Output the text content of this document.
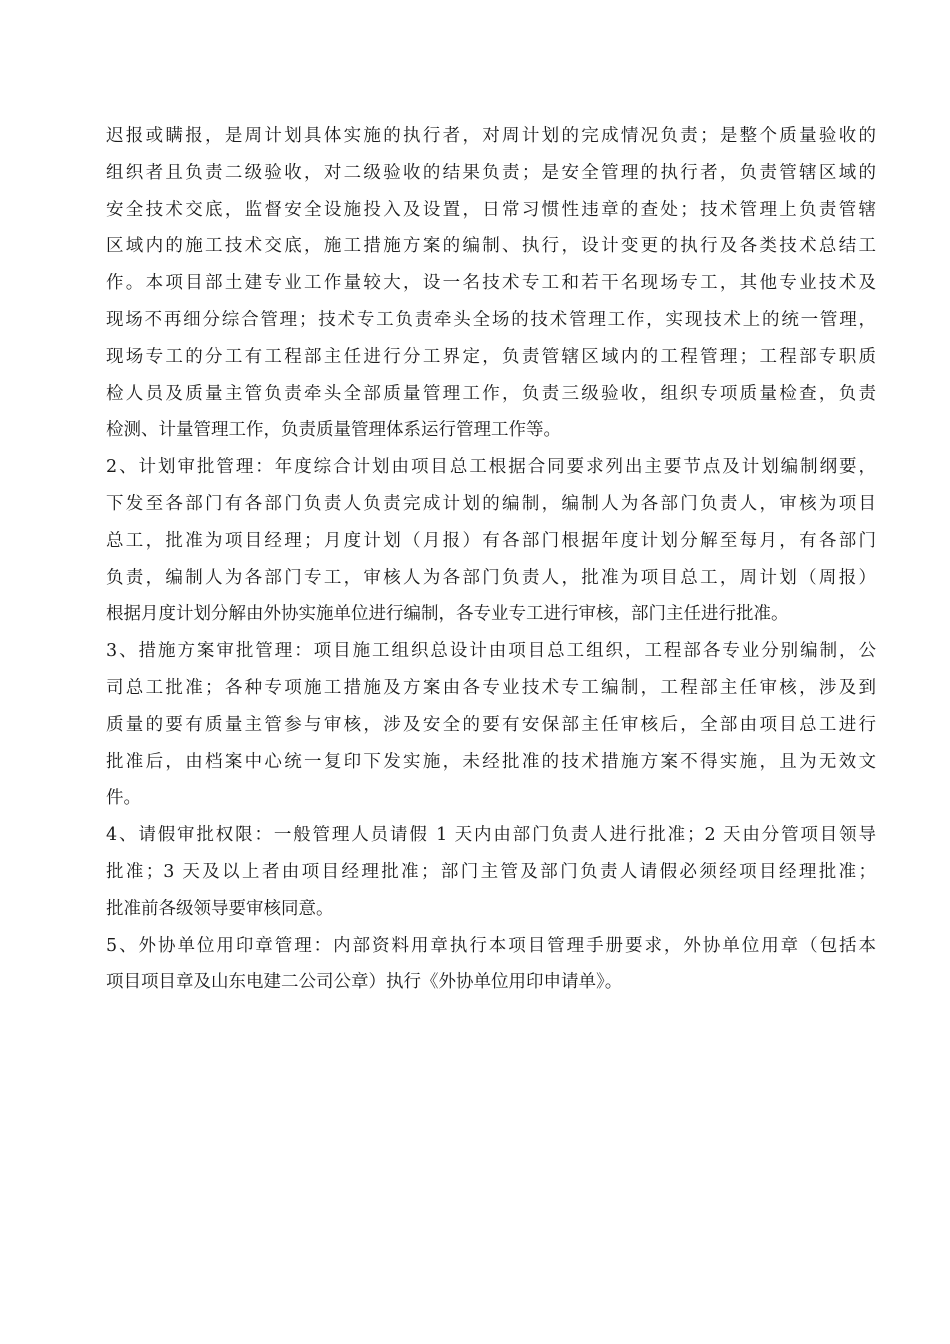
迟报或瞒报，是周计划具体实施的执行者，对周计划的完成情况负责；是整个质量验收的
组织者且负责二级验收，对二级验收的结果负责；是安全管理的执行者，负责管辖区域的
安全技术交底，监督安全设施投入及设置，日常习惯性违章的查处；技术管理上负责管辖
区域内的施工技术交底，施工措施方案的编制、执行，设计变更的执行及各类技术总结工
作。本项目部土建专业工作量较大，设一名技术专工和若干名现场专工，其他专业技术及
现场不再细分综合管理；技术专工负责牵头全场的技术管理工作，实现技术上的统一管理，
现场专工的分工有工程部主任进行分工界定，负责管辖区域内的工程管理；工程部专职质
检人员及质量主管负责牵头全部质量管理工作，负责三级验收，组织专项质量检查，负责
检测、计量管理工作，负责质量管理体系运行管理工作等。
2、计划审批管理：年度综合计划由项目总工根据合同要求列出主要节点及计划编制纲要，
下发至各部门有各部门负责人负责完成计划的编制，编制人为各部门负责人，审核为项目
总工，批准为项目经理；月度计划（月报）有各部门根据年度计划分解至每月，有各部门
负责，编制人为各部门专工，审核人为各部门负责人，批准为项目总工，周计划（周报）
根据月度计划分解由外协实施单位进行编制，各专业专工进行审核，部门主任进行批准。
3、措施方案审批管理：项目施工组织总设计由项目总工组织，工程部各专业分别编制，公
司总工批准；各种专项施工措施及方案由各专业技术专工编制，工程部主任审核，涉及到
质量的要有质量主管参与审核，涉及安全的要有安保部主任审核后，全部由项目总工进行
批准后，由档案中心统一复印下发实施，未经批准的技术措施方案不得实施，且为无效文
件。
4、请假审批权限：一般管理人员请假 1 天内由部门负责人进行批准；2 天由分管项目领导
批准；3 天及以上者由项目经理批准；部门主管及部门负责人请假必须经项目经理批准；
批准前各级领导要审核同意。
5、外协单位用印章管理：内部资料用章执行本项目管理手册要求，外协单位用章（包括本
项目项目章及山东电建二公司公章）执行《外协单位用印申请单》。
